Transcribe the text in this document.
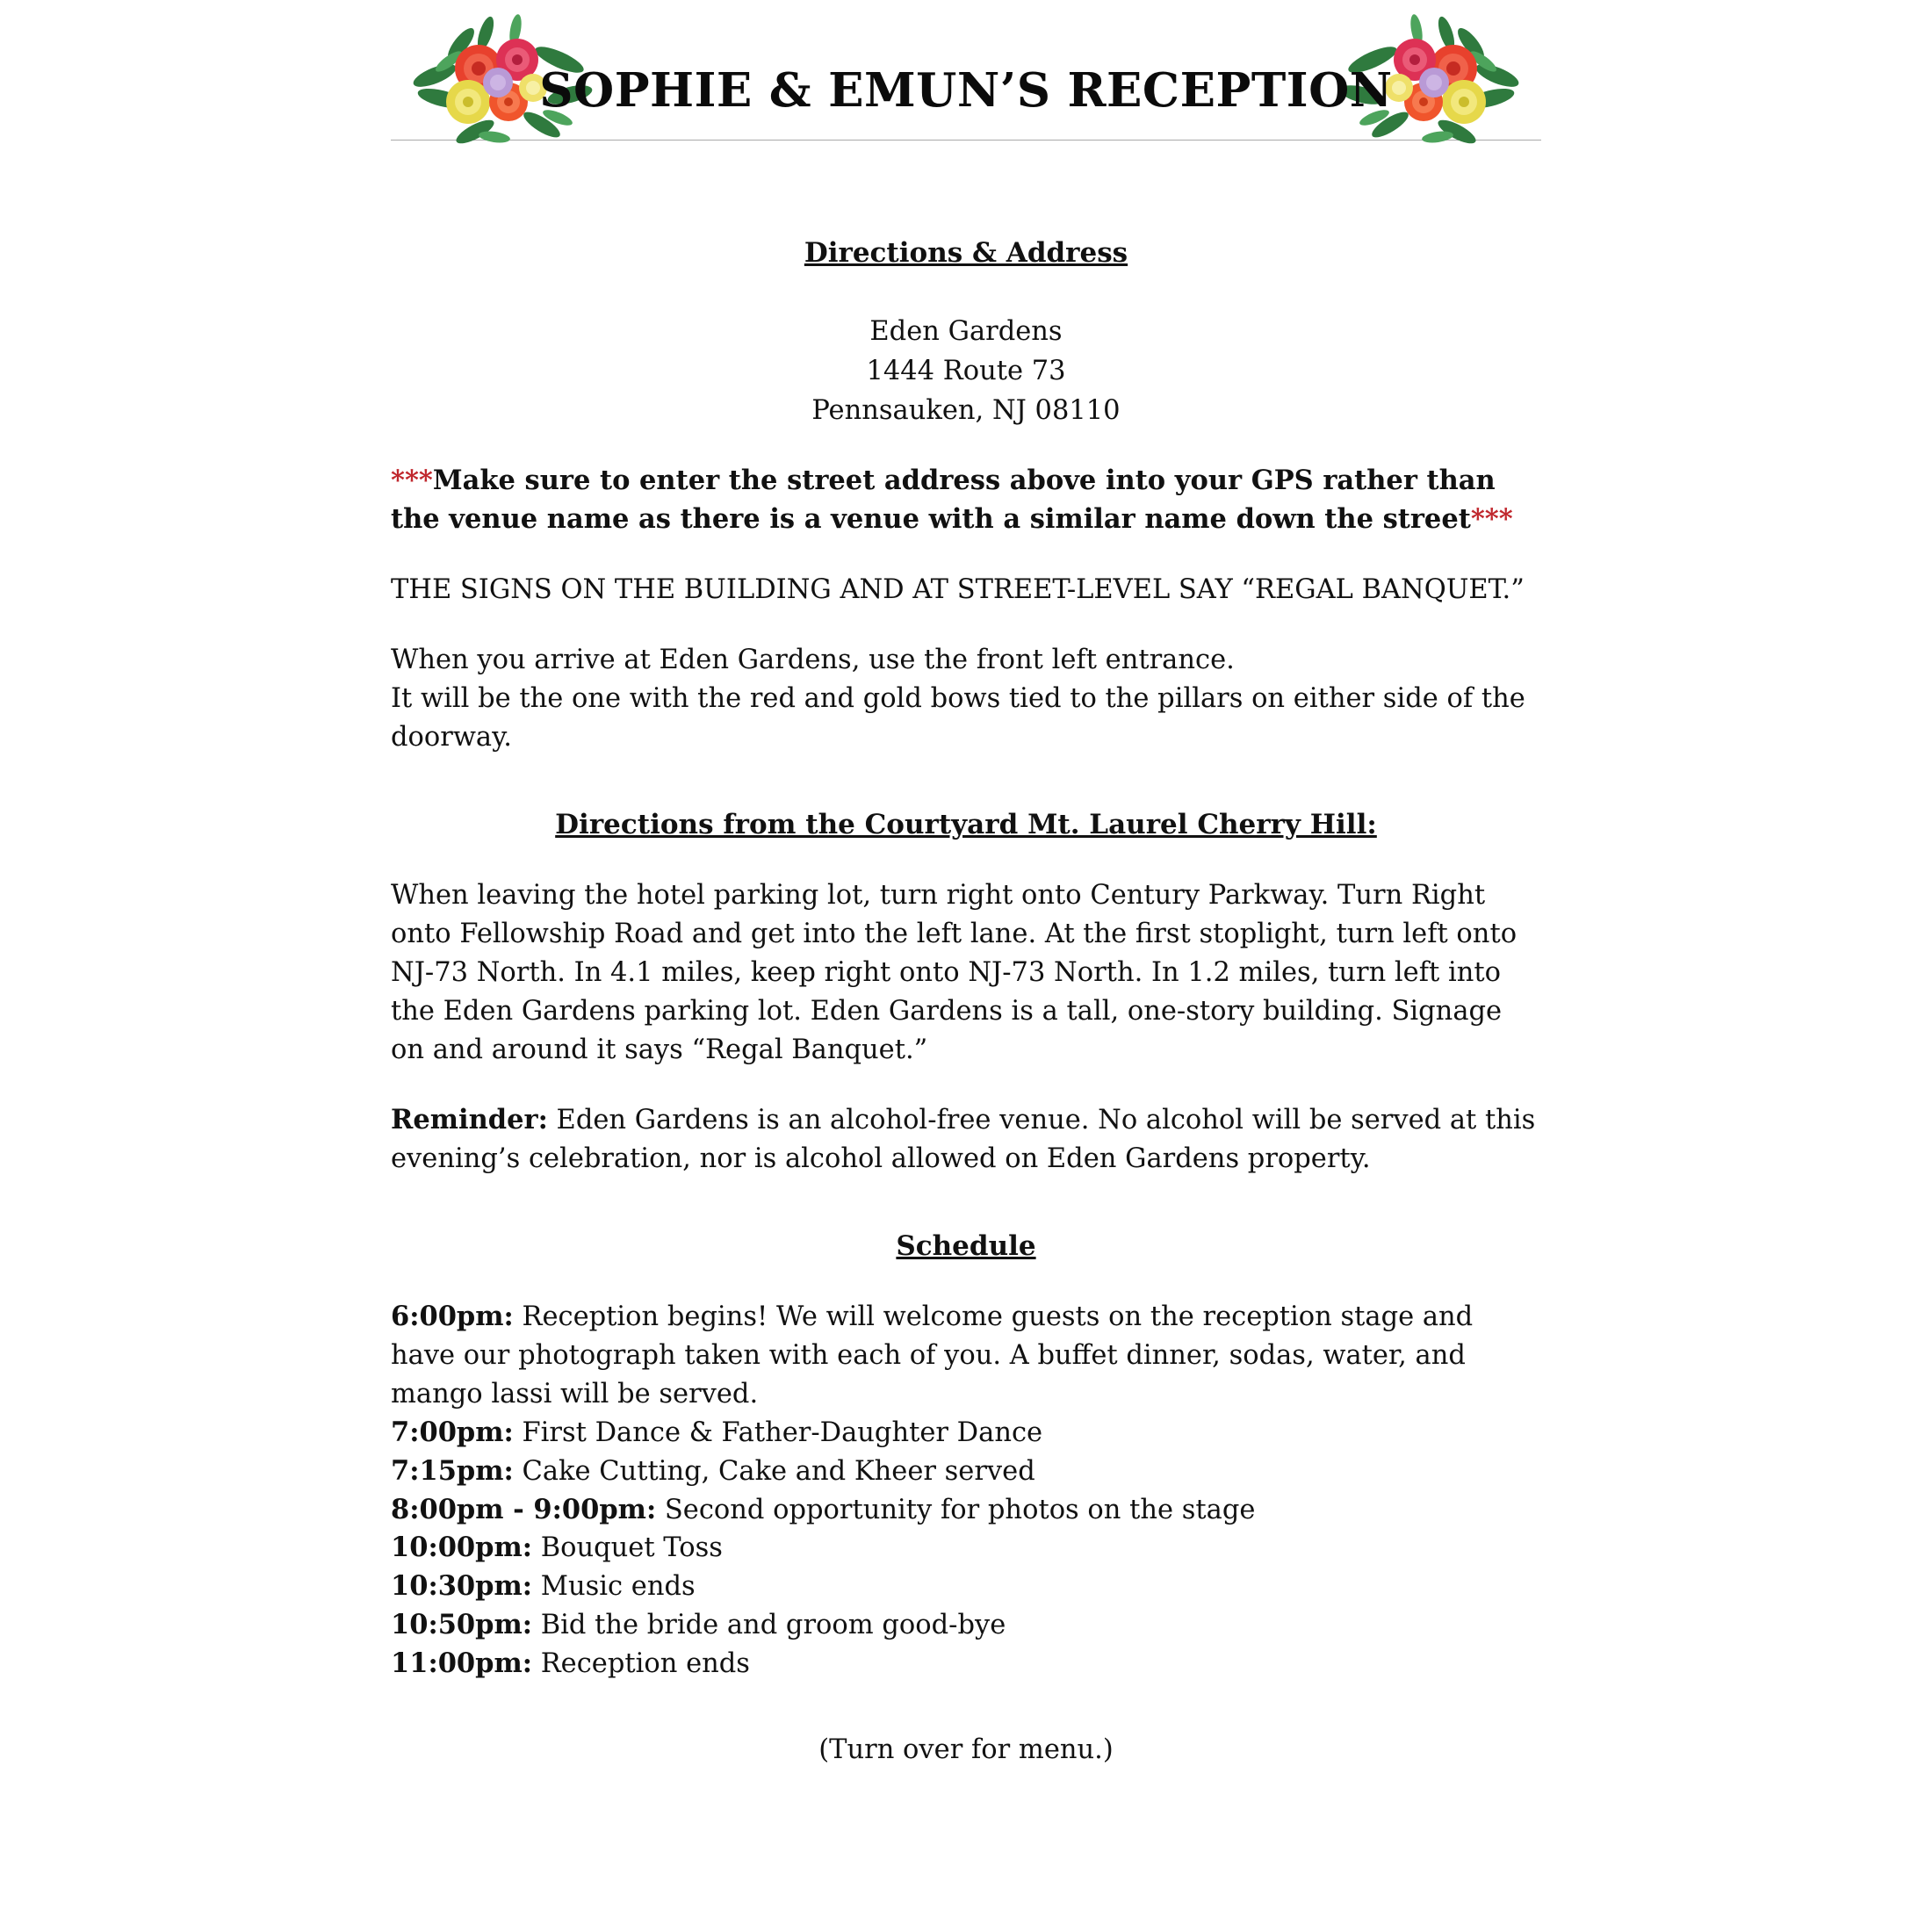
SOPHIE & EMUN’S RECEPTION
Directions & Address
Eden Gardens
1444 Route 73
Pennsauken, NJ 08110

***Make sure to enter the street address above into your GPS rather than the venue name as there is a venue with a similar name down the street***

THE SIGNS ON THE BUILDING AND AT STREET-LEVEL SAY “REGAL BANQUET.”

When you arrive at Eden Gardens, use the front left entrance.
It will be the one with the red and gold bows tied to the pillars on either side of the doorway.

Directions from the Courtyard Mt. Laurel Cherry Hill:

When leaving the hotel parking lot, turn right onto Century Parkway. Turn Right onto Fellowship Road and get into the left lane. At the first stoplight, turn left onto NJ-73 North. In 4.1 miles, keep right onto NJ-73 North. In 1.2 miles, turn left into the Eden Gardens parking lot. Eden Gardens is a tall, one-story building. Signage on and around it says “Regal Banquet.”

Reminder: Eden Gardens is an alcohol-free venue. No alcohol will be served at this evening’s celebration, nor is alcohol allowed on Eden Gardens property.

Schedule

6:00pm: Reception begins! We will welcome guests on the reception stage and have our photograph taken with each of you. A buffet dinner, sodas, water, and mango lassi will be served.
7:00pm: First Dance & Father-Daughter Dance
7:15pm: Cake Cutting, Cake and Kheer served
8:00pm - 9:00pm: Second opportunity for photos on the stage
10:00pm: Bouquet Toss
10:30pm: Music ends
10:50pm: Bid the bride and groom good-bye
11:00pm: Reception ends

(Turn over for menu.)
